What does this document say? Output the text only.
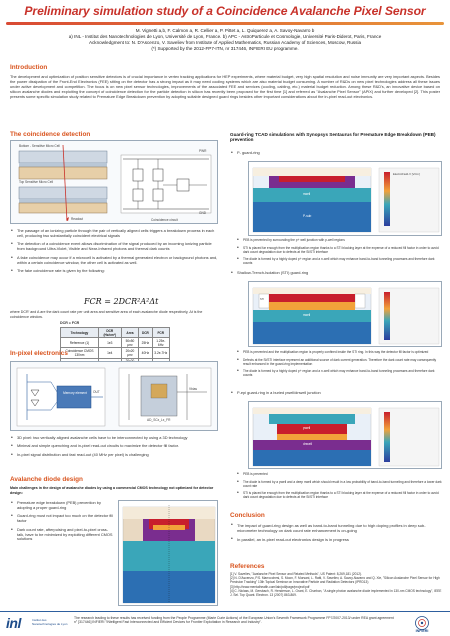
Preliminary simulation study of a Coincidence Avalanche Pixel Sensor
M. Vignetti a,b, F. Calmon a, R. Cellier a, P. Pittet a, L. Quiquerez a, A. Savoy-Navarro b
a) INL - Institut des Nanotechnologies de Lyon, Université de Lyon, France. b) APC - AstroParticule et Cosmologie, Université Paris-Diderot, Paris, France
Acknowledgment to: N. D'Ascenzo, V. Saveliev from Institute of Applied Mathematics, Russian Academy of Sciences, Moscow, Russia
(*) Supported by the 2012-FP7-ITN, nr 317446, INFIERI EU programme.
Introduction
The development and optimization of position sensitive detectors is of crucial importance in vertex tracking applications for HEP experiments, where material budget, very high spatial resolution and noise immunity are very important aspects. Besides the power dissipation of the Front-End Electronics (FEE) sitting on the detector has a strong impact as it may need cooling systems which are also material budget consuming. A number of R&Ds on new pixel technologies address all these issues under active development and competition. The focus is on new pixel sensor technologies, improvements of the associated FEE and services (cooling, cabling, etc.) material budget reduction. Among these R&D's, an innovative device based on silicon avalanche diodes and exploiting the concept of coincidence detection for the particle detection in silicon has recently been proposed for the first time [1] and referred as "Avalanche Pixel Sensor" (APiX) and further developed [2]. This poster presents some specific simulation study related to Premature Edge Breakdown prevention by adopting suitable designed guard rings besides other important considerations about the in-pixel read-out electronics.
The coincidence detection
Bottom - Sensitive Micro Cell
Top Sensitive Micro Cell
Readout
PWR
GND
Coincidence circuit
• The passage of an ionizing particle through the pair of vertically aligned cells triggers a breakdown process in each cell, producing two substantially coincident electrical signals
• The detection of a coincidence event allows discrimination of the signal produced by an incoming ionizing particle from background Ultra-Violet, Visible and Near-Infrared photons and thermal dark counts
• A fake coincidence may occur if a microcell is activated by a thermal generated electron or background photons and, within a certain coincidence window, the other cell is activated as well.
• The fake coincidence rate is given by the following:
FCR = 2DCR²A²Δt
where DCR' and A are the dark count rate per unit area and sensitive area of each avalanche diode respectively, Δt is the coincidence window.
DCR = FCR
Technology	DCR (Hz/cm²)	Area	DCR	FCR
Reference (1)	1e3	50x50 µm²	25Hz	1.25e-6Hz
Coincidence CMOS 130nm	1e4	20x20 µm²	40Hz	3.2e-7Hz

In-pixel electronics
Memory element	OUT
Vbias
AD_SCx_Lx_FR
• 3D pixel: two vertically aligned avalanche cells have to be interconnected by using a 3D technology
• Minimal and simple quenching and in-pixel read-out circuits to maximize the detector fill factor.
• In-pixel signal distribution and fast read-out (40 MHz per pixel) is challenging
Avalanche diode design
Main challenges in the design of avalanche diodes by using a commercial CMOS technology not optimized for detector design:
• Premature edge breakdown (PEB) prevention by adopting a proper guard-ring
• Guard-ring must not impact too much on the detector fill factor
• Dark count rate, afterpulsing and pixel-to-pixel cross-talk, have to be minimized by exploiting different CMOS solutions
Guard-ring TCAD simulations with Synopsys Sentaurus for Premature Edge Breakdown (PEB) prevention
• P- guard-ring
ElectricField-V [V/cm]
nwell
P-sub
• PEB is prevented by surrounding the p+ well junction with p-well regions
• STI is placed far enough from the multiplication region thanks to a STI blocking layer at the expense of a reduced fill factor in order to avoid dark count degradation due to defects at the Si/STI interface
• The diode is formed by a highly doped p+ region and a n-well which may enhance band-to-band tunneling processes and therefore dark counts
• Shallow-Trench-Isolation (STI) guard-ring
STI
nwell
• PEB is prevented and the multiplication region is properly confined inside the STI ring. In this way the detector fill factor is optimized
• Defects at the Si/STI interface represent an additional source of dark current generation. Therefore the dark count rate may consequently result enhanced in the guard-ring implementation
• The diode is formed by a highly doped p+ region and a n-well which may enhance band-to-band tunneling processes and therefore dark counts
• P-epi guard-ring in a buried pwell/dnwell junction
pwell
dnwell
• PEB is prevented
• The diode is formed by a pwell and a deep nwell which should result in a low probability of band-to-band tunneling and therefore a lower dark count rate
• STI is placed far enough from the multiplication region thanks to a STI blocking layer at the expense of a reduced fill factor in order to avoid dark count degradation due to defects at the Si/STI interface
Conclusion
• The impact of guard-ring design as well as band-to-band tunneling due to high doping profiles in deep sub-micrometer technology on dark count rate enhancement is on-going
• In parallel, an in-pixel read-out electronics design is in progress
References
[1] V. Saveliev, "Avalanche Pixel Sensor and Related Methods", US Patent: 8,269,181 (2012).
[2] N. D'Ascenzo, P.S. Marrocchesi, S. Moon, F. Morsani, L. Ratti, V. Saveliev, A. Savoy-Navarro and Q. Xie, "Silicon Avalanche Pixel Sensor for High Precision Tracking" 13th Topical Seminar on Innovative Particle and Radiation Detectors (IPRD13)
[3] http://www.mentalhealth.com/lab/pdf/page/project/pdf
[4] C. Niclass, M. Gersbach, R. Henderson, L. Grant, E. Charbon, "A single photon avalanche diode implemented in 130-nm CMOS technology", IEEE J. Sel. Top Quant. Electron. 13 (2007) 863-869.
inl	Institut des Nanotechnologies de Lyon
The research leading to these results has received funding from the People Programme (Marie Curie Actions) of the European Union's Seventh Framework Programme FP7/2007-2013/ under REA grant agreement n° [317446] INFIERI "INtelligent Fast Interconnected and Efficient Devices for Frontier Exploitation in Research and Industry".
INFIERI
